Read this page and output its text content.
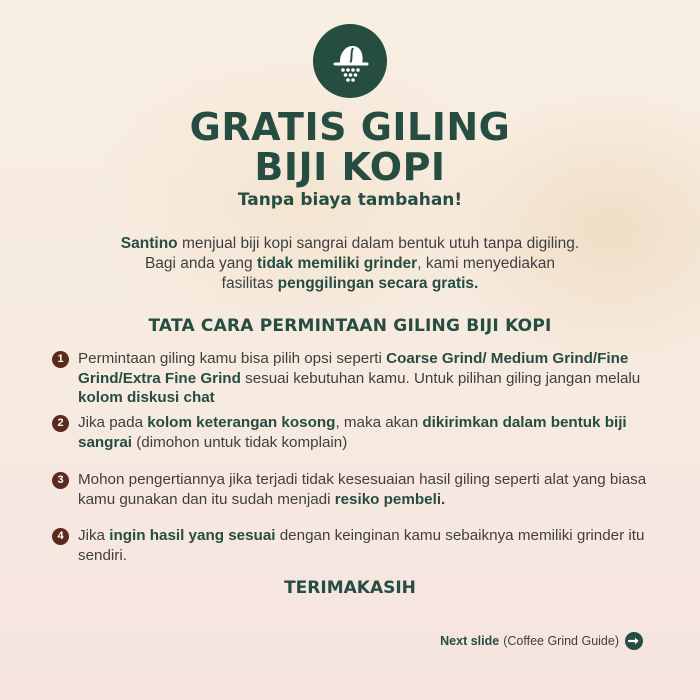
GRATIS GILING
BIJI KOPI
Tanpa biaya tambahan!
Santino menjual biji kopi sangrai dalam bentuk utuh tanpa digiling.
Bagi anda yang tidak memiliki grinder, kami menyediakan
fasilitas penggilingan secara gratis.
TATA CARA PERMINTAAN GILING BIJI KOPI
1 Permintaan giling kamu bisa pilih opsi seperti Coarse Grind/ Medium Grind/Fine Grind/Extra Fine Grind sesuai kebutuhan kamu. Untuk pilihan giling jangan melalu kolom diskusi chat
2 Jika pada kolom keterangan kosong, maka akan dikirimkan dalam bentuk biji sangrai (dimohon untuk tidak komplain)
3 Mohon pengertiannya jika terjadi tidak kesesuaian hasil giling seperti alat yang biasa kamu gunakan dan itu sudah menjadi resiko pembeli.
4 Jika ingin hasil yang sesuai dengan keinginan kamu sebaiknya memiliki grinder itu sendiri.
TERIMAKASIH
Next slide (Coffee Grind Guide)
